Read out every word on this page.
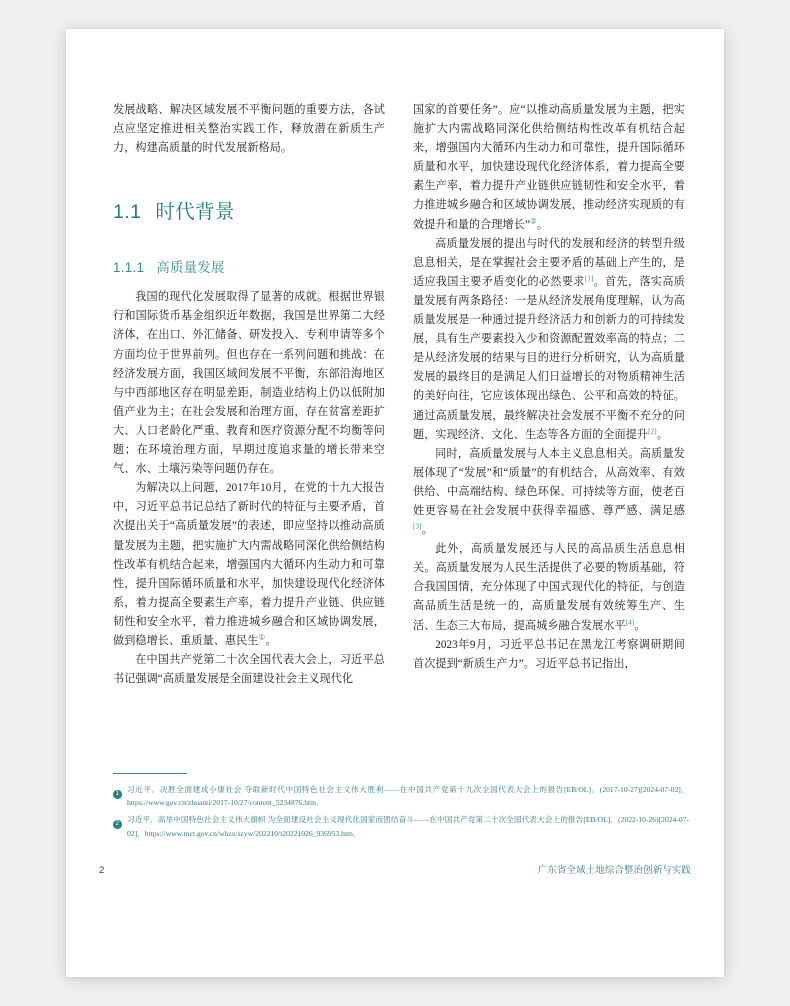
发展战略、解决区域发展不平衡问题的重要方法，各试点应坚定推进相关整治实践工作，释放潜在新质生产力，构建高质量的时代发展新格局。

1.1 时代背景
1.1.1 高质量发展

我国的现代化发展取得了显著的成就。根据世界银行和国际货币基金组织近年数据，我国是世界第二大经济体，在出口、外汇储备、研发投入、专利申请等多个方面均位于世界前列。但也存在一系列问题和挑战：在经济发展方面，我国区域间发展不平衡，东部沿海地区与中西部地区存在明显差距，制造业结构上仍以低附加值产业为主；在社会发展和治理方面，存在贫富差距扩大、人口老龄化严重、教育和医疗资源分配不均衡等问题；在环境治理方面，早期过度追求量的增长带来空气、水、土壤污染等问题仍存在。

为解决以上问题，2017年10月，在党的十九大报告中，习近平总书记总结了新时代的特征与主要矛盾，首次提出关于“高质量发展”的表述，即应坚持以推动高质量发展为主题，把实施扩大内需战略同深化供给侧结构性改革有机结合起来，增强国内大循环内生动力和可靠性，提升国际循环质量和水平，加快建设现代化经济体系，着力提高全要素生产率，着力提升产业链、供应链韧性和安全水平，着力推进城乡融合和区域协调发展，做到稳增长、重质量、惠民生①。

在中国共产党第二十次全国代表大会上，习近平总书记强调“高质量发展是全面建设社会主义现代化

国家的首要任务”。应“以推动高质量发展为主题，把实施扩大内需战略同深化供给侧结构性改革有机结合起来，增强国内大循环内生动力和可靠性，提升国际循环质量和水平，加快建设现代化经济体系，着力提高全要素生产率，着力提升产业链供应链韧性和安全水平，着力推进城乡融合和区域协调发展，推动经济实现质的有效提升和量的合理增长”②。

高质量发展的提出与时代的发展和经济的转型升级息息相关，是在掌握社会主要矛盾的基础上产生的，是适应我国主要矛盾变化的必然要求[1]。首先，落实高质量发展有两条路径：一是从经济发展角度理解，认为高质量发展是一种通过提升经济活力和创新力的可持续发展，具有生产要素投入少和资源配置效率高的特点；二是从经济发展的结果与目的进行分析研究，认为高质量发展的最终目的是满足人们日益增长的对物质精神生活的美好向往，它应该体现出绿色、公平和高效的特征。通过高质量发展，最终解决社会发展不平衡不充分的问题，实现经济、文化、生态等各方面的全面提升[2]。

同时，高质量发展与人本主义息息相关。高质量发展体现了“发展”和“质量”的有机结合，从高效率、有效供给、中高端结构、绿色环保、可持续等方面，使老百姓更容易在社会发展中获得幸福感、尊严感、满足感[3]。

此外，高质量发展还与人民的高品质生活息息相关。高质量发展为人民生活提供了必要的物质基础，符合我国国情，充分体现了中国式现代化的特征，与创造高品质生活是统一的，高质量发展有效统筹生产、生活、生态三大布局，提高城乡融合发展水平[4]。

2023年9月，习近平总书记在黑龙江考察调研期间首次提到“新质生产力”。习近平总书记指出，

1	习近平．决胜全面建成小康社会 夺取新时代中国特色社会主义伟大胜利——在中国共产党第十九次全国代表大会上的报告[EB/OL]．(2017-10-27)[2024-07-02]．https://www.gov.cn/zhuanti/2017-10/27/content_5234876.htm．
2	习近平．高举中国特色社会主义伟大旗帜 为全面建设社会主义现代化国家而团结奋斗——在中国共产党第二十次全国代表大会上的报告[EB/OL]．(2022-10-26)[2024-07-02]．https://www.mct.gov.cn/whzx/szyw/202210/t20221026_936953.htm．
2	广东省全域土地综合整治创新与实践
